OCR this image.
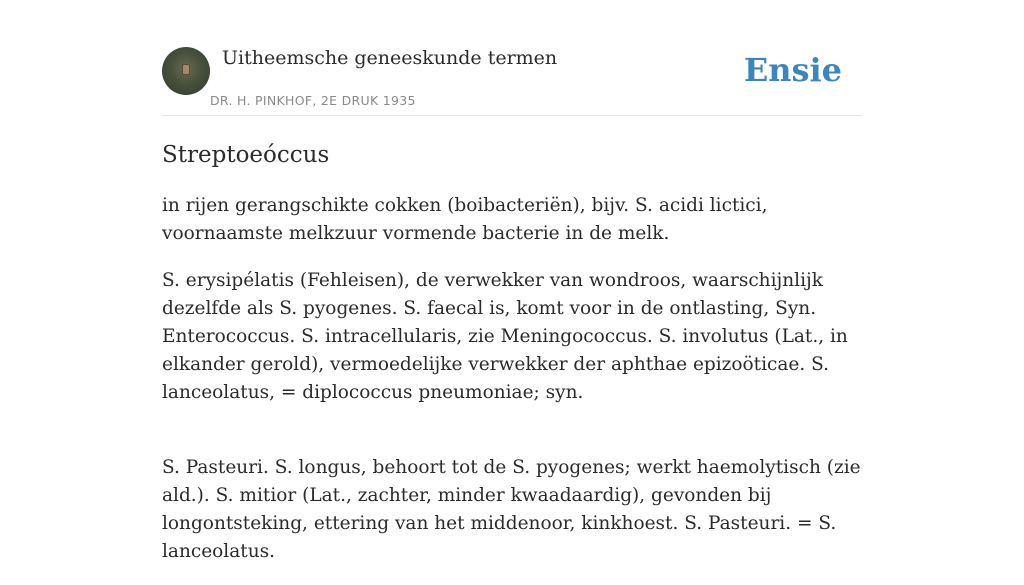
Uitheemsche geneeskunde termen
DR. H. PINKHOF, 2E DRUK 1935
Ensie
Streptoeóccus

in rijen gerangschikte cokken (boibacteriën), bijv. S. acidi lictici, voornaamste melkzuur vormende bacterie in de melk.

S. erysipélatis (Fehleisen), de verwekker van wondroos, waarschijnlijk dezelfde als S. pyogenes. S. faecal is, komt voor in de ontlasting, Syn. Enterococcus. S. intracellularis, zie Meningococcus. S. involutus (Lat., in elkander gerold), vermoedelijke verwekker der aphthae epizoöticae. S. lanceolatus, = diplococcus pneumoniae; syn.

S. Pasteuri. S. longus, behoort tot de S. pyogenes; werkt haemolytisch (zie ald.). S. mitior (Lat., zachter, minder kwaadaardig), gevonden bij longontsteking, ettering van het middenoor, kinkhoest. S. Pasteuri. = S. lanceolatus.
